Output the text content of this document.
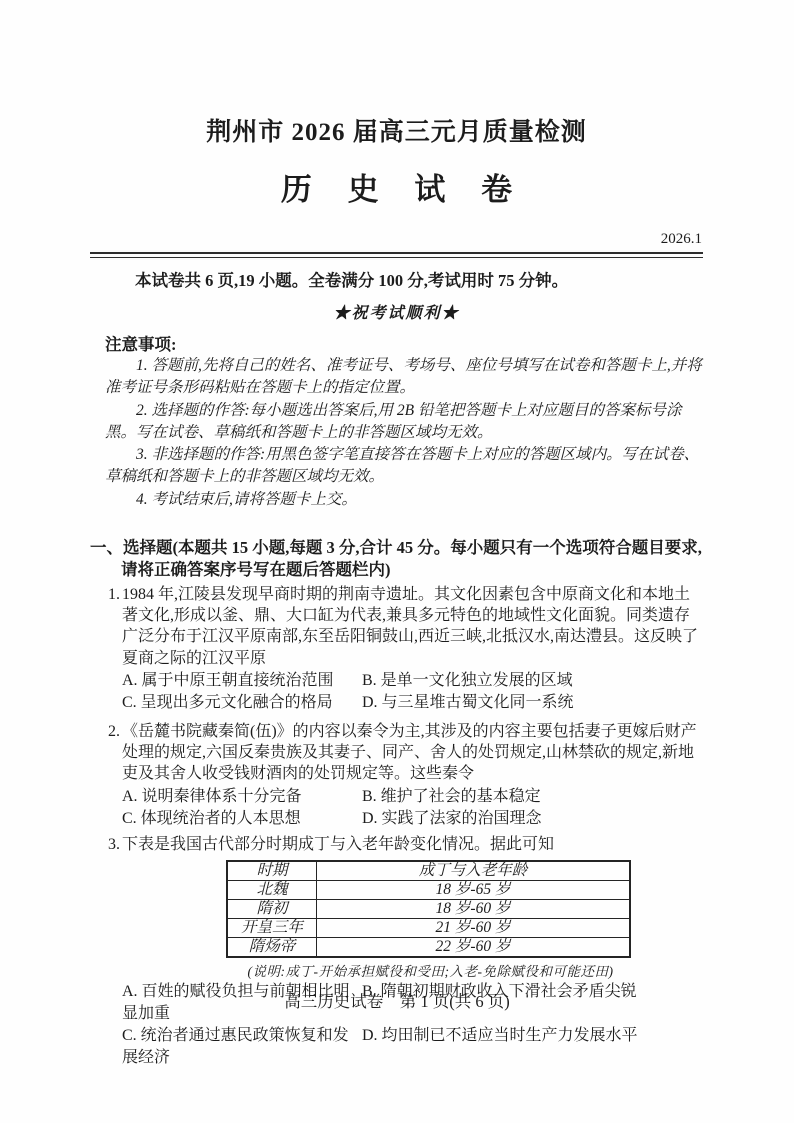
荆州市 2026 届高三元月质量检测
历 史 试 卷
2026.1

本试卷共 6 页,19 小题。全卷满分 100 分,考试用时 75 分钟。

★祝考试顺利★

注意事项:

1. 答题前,先将自己的姓名、准考证号、考场号、座位号填写在试卷和答题卡上,并将准考证号条形码粘贴在答题卡上的指定位置。

2. 选择题的作答:每小题选出答案后,用 2B 铅笔把答题卡上对应题目的答案标号涂黑。写在试卷、草稿纸和答题卡上的非答题区域均无效。

3. 非选择题的作答:用黑色签字笔直接答在答题卡上对应的答题区域内。写在试卷、草稿纸和答题卡上的非答题区域均无效。

4. 考试结束后,请将答题卡上交。

一、选择题(本题共 15 小题,每题 3 分,合计 45 分。每小题只有一个选项符合题目要求,请将正确答案序号写在题后答题栏内)

1. 1984 年,江陵县发现早商时期的荆南寺遗址。其文化因素包含中原商文化和本地土著文化,形成以釜、鼎、大口缸为代表,兼具多元特色的地域性文化面貌。同类遗存广泛分布于江汉平原南部,东至岳阳铜鼓山,西近三峡,北抵汉水,南达澧县。这反映了夏商之际的江汉平原

A. 属于中原王朝直接统治范围	B. 是单一文化独立发展的区域
C. 呈现出多元文化融合的格局	D. 与三星堆古蜀文化同一系统

2. 《岳麓书院藏秦简(伍)》的内容以秦令为主,其涉及的内容主要包括妻子更嫁后财产处理的规定,六国反秦贵族及其妻子、同产、舍人的处罚规定,山林禁砍的规定,新地吏及其舍人收受钱财酒肉的处罚规定等。这些秦令

A. 说明秦律体系十分完备	B. 维护了社会的基本稳定
C. 体现统治者的人本思想	D. 实践了法家的治国理念

3. 下表是我国古代部分时期成丁与入老年龄变化情况。据此可知

时期	成丁与入老年龄
北魏	18 岁-65 岁
隋初	18 岁-60 岁
开皇三年	21 岁-60 岁
隋炀帝	22 岁-60 岁

(说明:成丁-开始承担赋役和受田;入老-免除赋役和可能还田)

A. 百姓的赋役负担与前朝相比明显加重
B. 隋朝初期财政收入下滑社会矛盾尖锐
C. 统治者通过惠民政策恢复和发展经济
D. 均田制已不适应当时生产力发展水平
高三历史试卷　第 1 页(共 6 页)
